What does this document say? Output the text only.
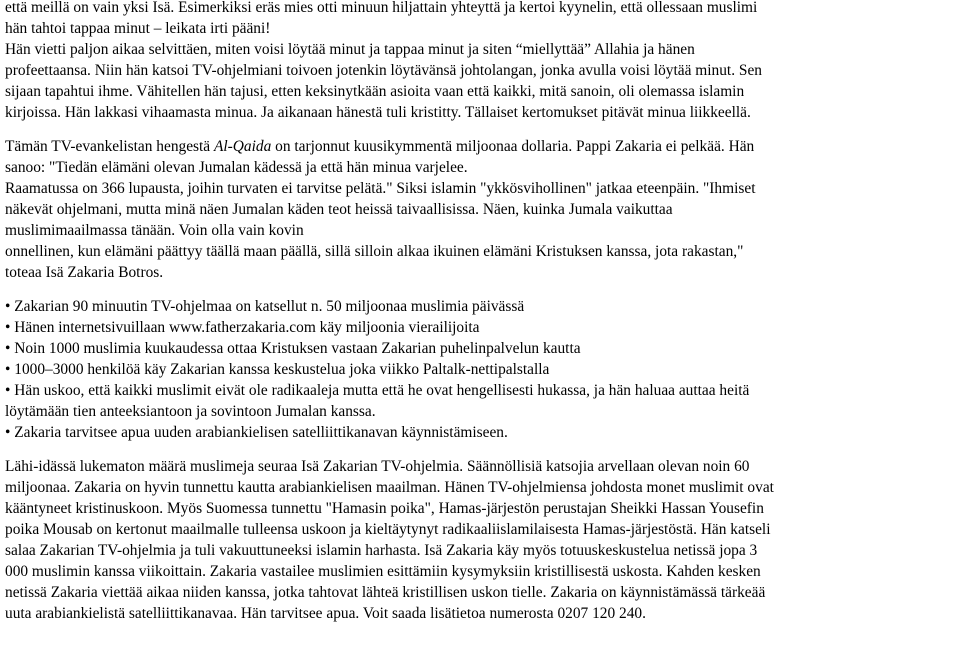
että meillä on vain yksi Isä. Esimerkiksi eräs mies otti minuun hiljattain yhteyttä ja kertoi kyynelin, että ollessaan muslimi
hän tahtoi tappaa minut – leikata irti pääni!
Hän vietti paljon aikaa selvittäen, miten voisi löytää minut ja tappaa minut ja siten “miellyttää” Allahia ja hänen
profeettaansa. Niin hän katsoi TV-ohjelmiani toivoen jotenkin löytävänsä johtolangan, jonka avulla voisi löytää minut. Sen
sijaan tapahtui ihme. Vähitellen hän tajusi, etten keksinytkään asioita vaan että kaikki, mitä sanoin, oli olemassa islamin
kirjoissa. Hän lakkasi vihaamasta minua. Ja aikanaan hänestä tuli kristitty. Tällaiset kertomukset pitävät minua liikkeellä.
Tämän TV-evankelistan hengestä Al-Qaida on tarjonnut kuusikymmentä miljoonaa dollaria. Pappi Zakaria ei pelkää. Hän
sanoo: "Tiedän elämäni olevan Jumalan kädessä ja että hän minua varjelee.
Raamatussa on 366 lupausta, joihin turvaten ei tarvitse pelätä." Siksi islamin "ykkösvihollinen" jatkaa eteenpäin. "Ihmiset
näkevät ohjelmani, mutta minä näen Jumalan käden teot heissä taivaallisissa. Näen, kuinka Jumala vaikuttaa
muslimimaailmassa tänään. Voin olla vain kovin
onnellinen, kun elämäni päättyy täällä maan päällä, sillä silloin alkaa ikuinen elämäni Kristuksen kanssa, jota rakastan,"
toteaa Isä Zakaria Botros.
• Zakarian 90 minuutin TV-ohjelmaa on katsellut n. 50 miljoonaa muslimia päivässä
• Hänen internetsivuillaan www.fatherzakaria.com käy miljoonia vierailijoita
• Noin 1000 muslimia kuukaudessa ottaa Kristuksen vastaan Zakarian puhelinpalvelun kautta
• 1000–3000 henkilöä käy Zakarian kanssa keskustelua joka viikko Paltalk-nettipalstalla
• Hän uskoo, että kaikki muslimit eivät ole radikaaleja mutta että he ovat hengellisesti hukassa, ja hän haluaa auttaa heitä
löytämään tien anteeksiantoon ja sovintoon Jumalan kanssa.
• Zakaria tarvitsee apua uuden arabiankielisen satelliittikanavan käynnistämiseen.
Lähi-idässä lukematon määrä muslimeja seuraa Isä Zakarian TV-ohjelmia. Säännöllisiä katsojia arvellaan olevan noin 60
miljoonaa. Zakaria on hyvin tunnettu kautta arabiankielisen maailman. Hänen TV-ohjelmiensa johdosta monet muslimit ovat
kääntyneet kristinuskoon. Myös Suomessa tunnettu "Hamasin poika", Hamas-järjestön perustajan Sheikki Hassan Yousefin
poika Mousab on kertonut maailmalle tulleensa uskoon ja kieltäytynyt radikaaliislamilaisesta Hamas-järjestöstä. Hän katseli
salaa Zakarian TV-ohjelmia ja tuli vakuuttuneeksi islamin harhasta. Isä Zakaria käy myös totuuskeskustelua netissä jopa 3
000 muslimin kanssa viikoittain. Zakaria vastailee muslimien esittämiin kysymyksiin kristillisestä uskosta. Kahden kesken
netissä Zakaria viettää aikaa niiden kanssa, jotka tahtovat lähteä kristillisen uskon tielle. Zakaria on käynnistämässä tärkeää
uuta arabiankielistä satelliittikanavaa. Hän tarvitsee apua. Voit saada lisätietoa numerosta 0207 120 240.
